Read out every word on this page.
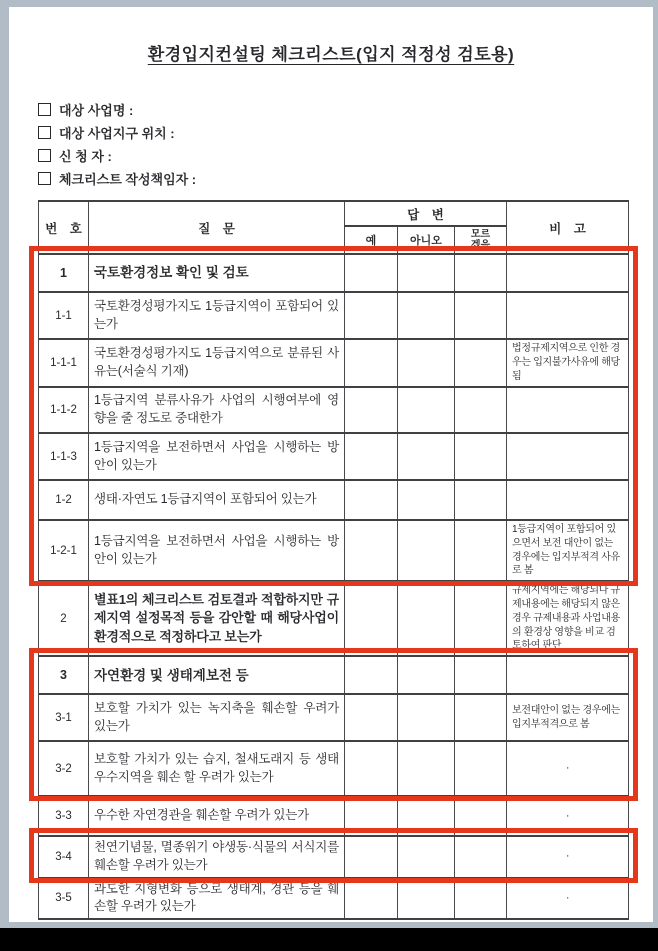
환경입지컨설팅 체크리스트(입지 적정성 검토용)
대상 사업명 :
대상 사업지구 위치 :
신 청 자 :
체크리스트 작성책임자 :
번 호	질 문	답 변			비 고
		예	아니오	모르겠음	
1	국토환경정보 확인 및 검토				
1-1	국토환경성평가지도 1등급지역이 포함되어 있는가				
1-1-1	국토환경성평가지도 1등급지역으로 분류된 사유는(서술식 기재)				법정규제지역으로 인한 경우는 입지불가사유에 해당됨
1-1-2	1등급지역 분류사유가 사업의 시행여부에 영향을 줄 정도로 중대한가				
1-1-3	1등급지역을 보전하면서 사업을 시행하는 방안이 있는가				
1-2	생태·자연도 1등급지역이 포함되어 있는가				
1-2-1	1등급지역을 보전하면서 사업을 시행하는 방안이 있는가				1등급지역이 포함되어 있으면서 보전 대안이 없는 경우에는 입지부적격 사유로 봄
2	별표1의 체크리스트 검토결과 적합하지만 규제지역 설정목적 등을 감안할 때 해당사업이 환경적으로 적정하다고 보는가				규제지역에는 해당되나 규제내용에는 해당되지 않은 경우 규제내용과 사업내용의 환경상 영향을 비교 검토하여 판단
3	자연환경 및 생태계보전 등				
3-1	보호할 가치가 있는 녹지축을 훼손할 우려가 있는가				보전대안이 없는 경우에는 입지부적격으로 봄
3-2	보호할 가치가 있는 습지, 철새도래지 등 생태우수지역을 훼손 할 우려가 있는가				·
3-3	우수한 자연경관을 훼손할 우려가 있는가				·
3-4	천연기념물, 멸종위기 야생동·식물의 서식지를 훼손할 우려가 있는가				·
3-5	과도한 지형변화 등으로 생태계, 경관 등을 훼손할 우려가 있는가				·
